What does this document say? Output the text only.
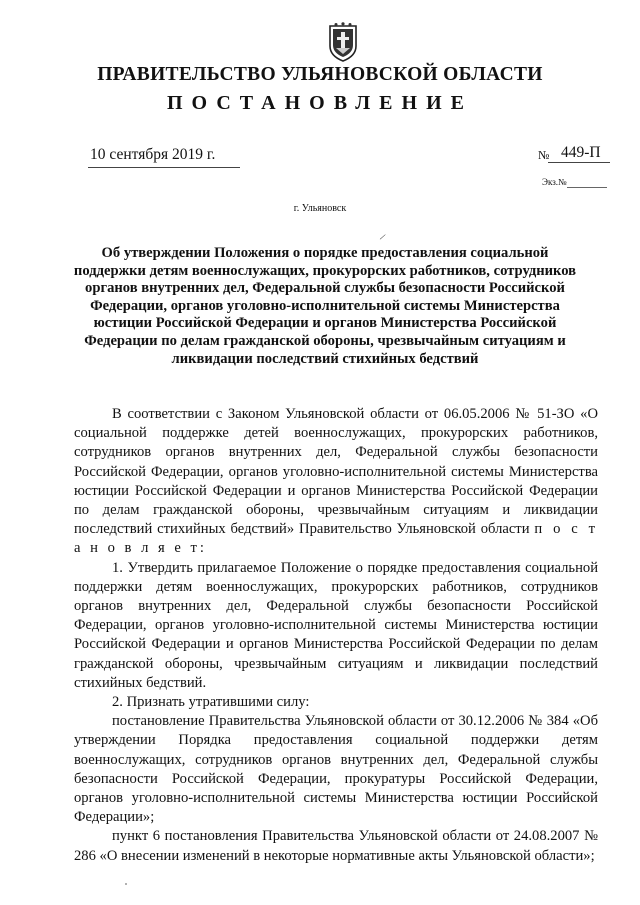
ПРАВИТЕЛЬСТВО УЛЬЯНОВСКОЙ ОБЛАСТИ
ПОСТАНОВЛЕНИЕ
10 сентября 2019 г.	№ 449-П
Экз.№
г. Ульяновск
/
Об утверждении Положения о порядке предоставления социальной поддержки детям военнослужащих, прокурорских работников, сотрудников органов внутренних дел, Федеральной службы безопасности Российской Федерации, органов уголовно-исполнительной системы Министерства юстиции Российской Федерации и органов Министерства Российской Федерации по делам гражданской обороны, чрезвычайным ситуациям и ликвидации последствий стихийных бедствий

В соответствии с Законом Ульяновской области от 06.05.2006 № 51-ЗО «О социальной поддержке детей военнослужащих, прокурорских работников, сотрудников органов внутренних дел, Федеральной службы безопасности Российской Федерации, органов уголовно-исполнительной системы Министерства юстиции Российской Федерации и органов Министерства Российской Федерации по делам гражданской обороны, чрезвычайным ситуациям и ликвидации последствий стихийных бедствий» Правительство Ульяновской области п о с т а н о в л я е т:

1. Утвердить прилагаемое Положение о порядке предоставления социальной поддержки детям военнослужащих, прокурорских работников, сотрудников органов внутренних дел, Федеральной службы безопасности Российской Федерации, органов уголовно-исполнительной системы Министерства юстиции Российской Федерации и органов Министерства Российской Федерации по делам гражданской обороны, чрезвычайным ситуациям и ликвидации последствий стихийных бедствий.

2. Признать утратившими силу:

постановление Правительства Ульяновской области от 30.12.2006 № 384 «Об утверждении Порядка предоставления социальной поддержки детям военнослужащих, сотрудников органов внутренних дел, Федеральной службы безопасности Российской Федерации, прокуратуры Российской Федерации, органов уголовно-исполнительной системы Министерства юстиции Российской Федерации»;

пункт 6 постановления Правительства Ульяновской области от 24.08.2007 № 286 «О внесении изменений в некоторые нормативные акты Ульяновской области»;
